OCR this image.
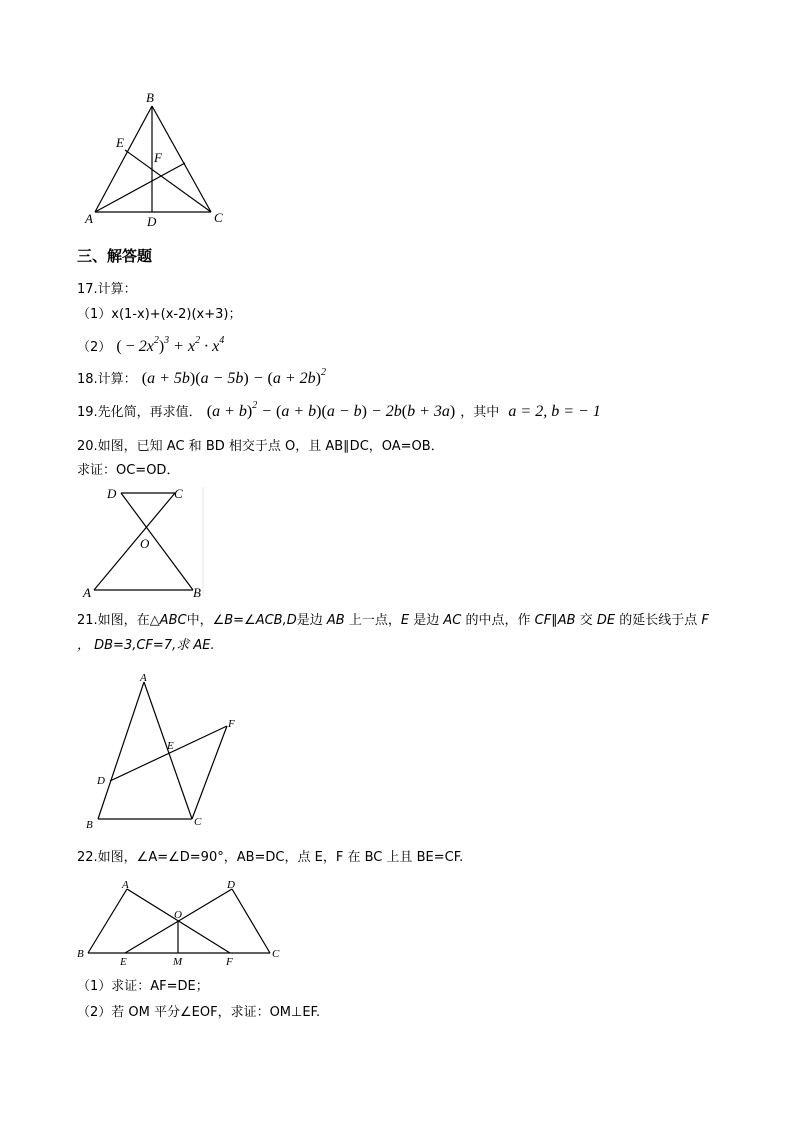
B
E
F
A	D	C
三、解答题
17.计算：
（1）x(1-x)+(x-2)(x+3)；
（2） ( − $2x^2)^3 + x^2 \cdot x^4$
18.计算： $(a + 5b)(a - 5b) - (a + 2b)^2$
19.先化简，再求值． $(a + b)^2 - (a + b)(a - b) - 2b(b + 3a)$ ，其中  a = 2, b = − 1
20.如图，已知 AC 和 BD 相交于点 O，且 AB∥DC，OA=OB．
求证：OC=OD．
D	C
O
A	B
21.如图，在△ABC中，∠B=∠ACB,D是边 AB 上一点，E 是边 AC 的中点，作 CF∥AB 交 DE 的延长线于点 F
， DB=3,CF=7,求 AE.
A
E
F
D
B	C
22.如图，∠A=∠D=90°，AB=DC，点 E，F 在 BC 上且 BE=CF.
A	D
O
B
E	M	F
C
（1）求证：AF=DE；
（2）若 OM 平分∠EOF，求证：OM⊥EF.
